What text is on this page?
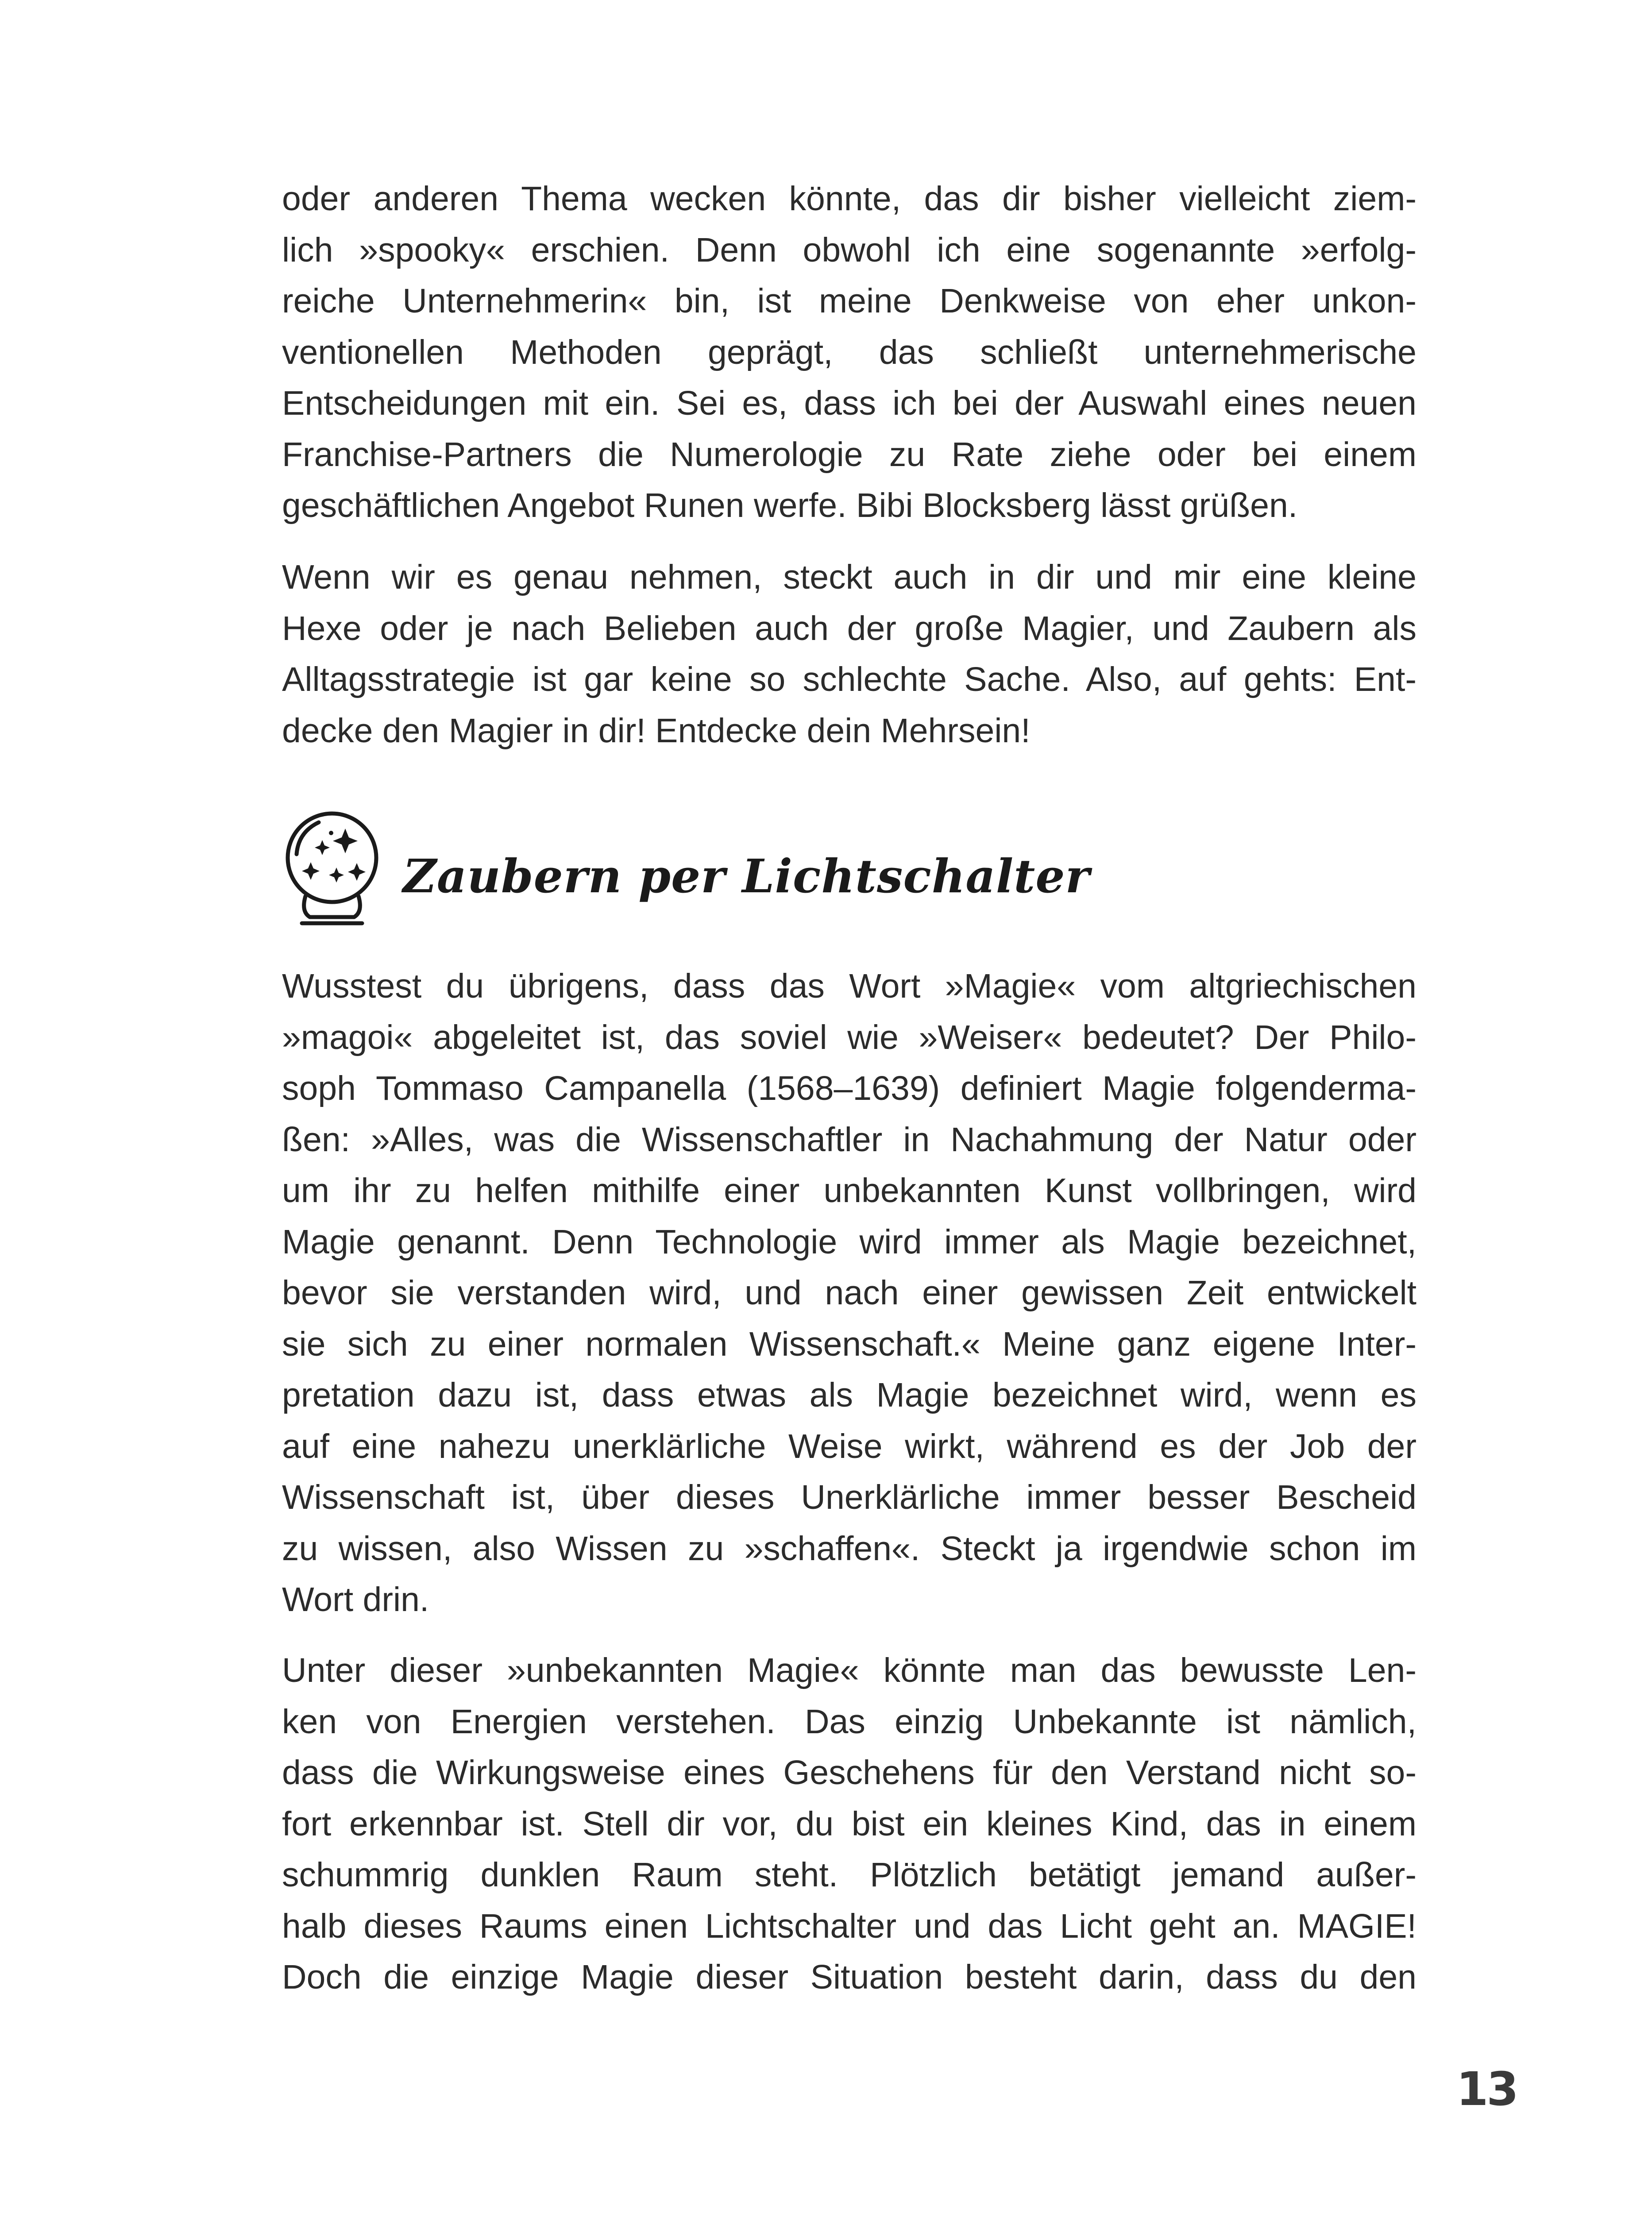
oder anderen Thema wecken könnte, das dir bisher vielleicht ziem-
lich »spooky« erschien. Denn obwohl ich eine sogenannte »erfolg-
reiche Unternehmerin« bin, ist meine Denkweise von eher unkon-
ventionellen Methoden geprägt, das schließt unternehmerische
Entscheidungen mit ein. Sei es, dass ich bei der Auswahl eines neuen
Franchise-Partners die Numerologie zu Rate ziehe oder bei einem
geschäftlichen Angebot Runen werfe. Bibi Blocksberg lässt grüßen.
Wenn wir es genau nehmen, steckt auch in dir und mir eine kleine
Hexe oder je nach Belieben auch der große Magier, und Zaubern als
Alltagsstrategie ist gar keine so schlechte Sache. Also, auf gehts: Ent-
decke den Magier in dir! Entdecke dein Mehrsein!
Zaubern per Lichtschalter
Wusstest du übrigens, dass das Wort »Magie« vom altgriechischen
»magoi« abgeleitet ist, das soviel wie »Weiser« bedeutet? Der Philo-
soph Tommaso Campanella (1568–1639) definiert Magie folgenderma-
ßen: »Alles, was die Wissenschaftler in Nachahmung der Natur oder
um ihr zu helfen mithilfe einer unbekannten Kunst vollbringen, wird
Magie genannt. Denn Technologie wird immer als Magie bezeichnet,
bevor sie verstanden wird, und nach einer gewissen Zeit entwickelt
sie sich zu einer normalen Wissenschaft.« Meine ganz eigene Inter-
pretation dazu ist, dass etwas als Magie bezeichnet wird, wenn es
auf eine nahezu unerklärliche Weise wirkt, während es der Job der
Wissenschaft ist, über dieses Unerklärliche immer besser Bescheid
zu wissen, also Wissen zu »schaffen«. Steckt ja irgendwie schon im
Wort drin.
Unter dieser »unbekannten Magie« könnte man das bewusste Len-
ken von Energien verstehen. Das einzig Unbekannte ist nämlich,
dass die Wirkungsweise eines Geschehens für den Verstand nicht so-
fort erkennbar ist. Stell dir vor, du bist ein kleines Kind, das in einem
schummrig dunklen Raum steht. Plötzlich betätigt jemand außer-
halb dieses Raums einen Lichtschalter und das Licht geht an. MAGIE!
Doch die einzige Magie dieser Situation besteht darin, dass du den
13
